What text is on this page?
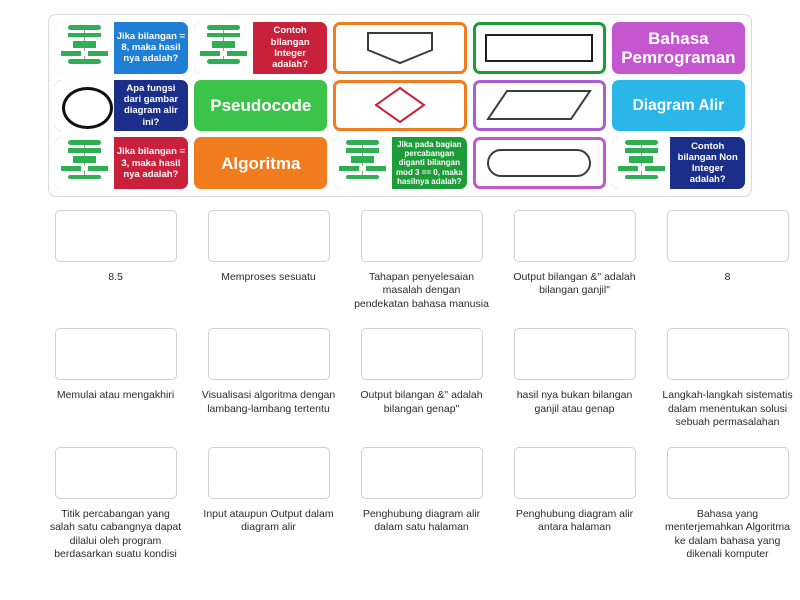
Jika bilangan = 8, maka hasil nya adalah?
Contoh bilangan Integer adalah?
Bahasa Pemrograman
Apa fungsi dari gambar diagram alir ini?
Pseudocode	Diagram Alir
Jika bilangan = 3, maka hasil nya adalah?
Algoritma
Jika pada bagian percabangan diganti bilangan mod 3 == 0, maka hasilnya adalah?
Contoh bilangan Non Integer adalah?
8.5	Memproses sesuatu	Tahapan penyelesaian masalah dengan pendekatan bahasa manusia
Output bilangan &" adalah bilangan ganjil"
8
Memulai atau mengakhiri	Visualisasi algoritma dengan lambang-lambang tertentu
Output bilangan &" adalah bilangan genap"
hasil nya bukan bilangan ganjil atau genap
Langkah-langkah sistematis dalam menentukan solusi sebuah permasalahan
Titik percabangan yang salah satu cabangnya dapat dilalui oleh program berdasarkan suatu kondisi
Input ataupun Output dalam diagram alir
Penghubung diagram alir dalam satu halaman
Penghubung diagram alir antara halaman
Bahasa yang menterjemahkan Algoritma ke dalam bahasa yang dikenali komputer
